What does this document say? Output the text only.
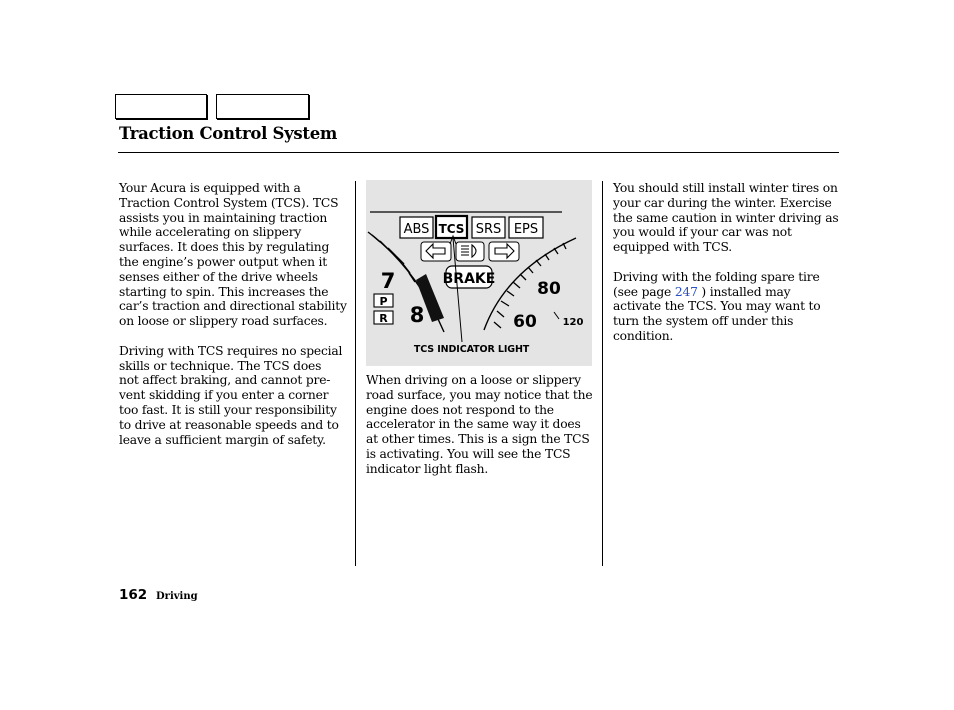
Traction Control System
Your Acura is equipped with a
Traction Control System (TCS). TCS
assists you in maintaining traction
while accelerating on slippery
surfaces. It does this by regulating
the engine’s power output when it
senses either of the drive wheels
starting to spin. This increases the
car’s traction and directional stability
on loose or slippery road surfaces.
Driving with TCS requires no special
skills or technique. The TCS does
not affect braking, and cannot pre-
vent skidding if you enter a corner
too fast. It is still your responsibility
to drive at reasonable speeds and to
leave a sufficient margin of safety.
ABS TCS SRS EPS
7
8
P
R
BRAKE 80
60	120
TCS INDICATOR LIGHT
When driving on a loose or slippery
road surface, you may notice that the
engine does not respond to the
accelerator in the same way it does
at other times. This is a sign the TCS
is activating. You will see the TCS
indicator light flash.
You should still install winter tires on
your car during the winter. Exercise
the same caution in winter driving as
you would if your car was not
equipped with TCS.
Driving with the folding spare tire
(see page 247 ) installed may
activate the TCS. You may want to
turn the system off under this
condition.
162 Driving
